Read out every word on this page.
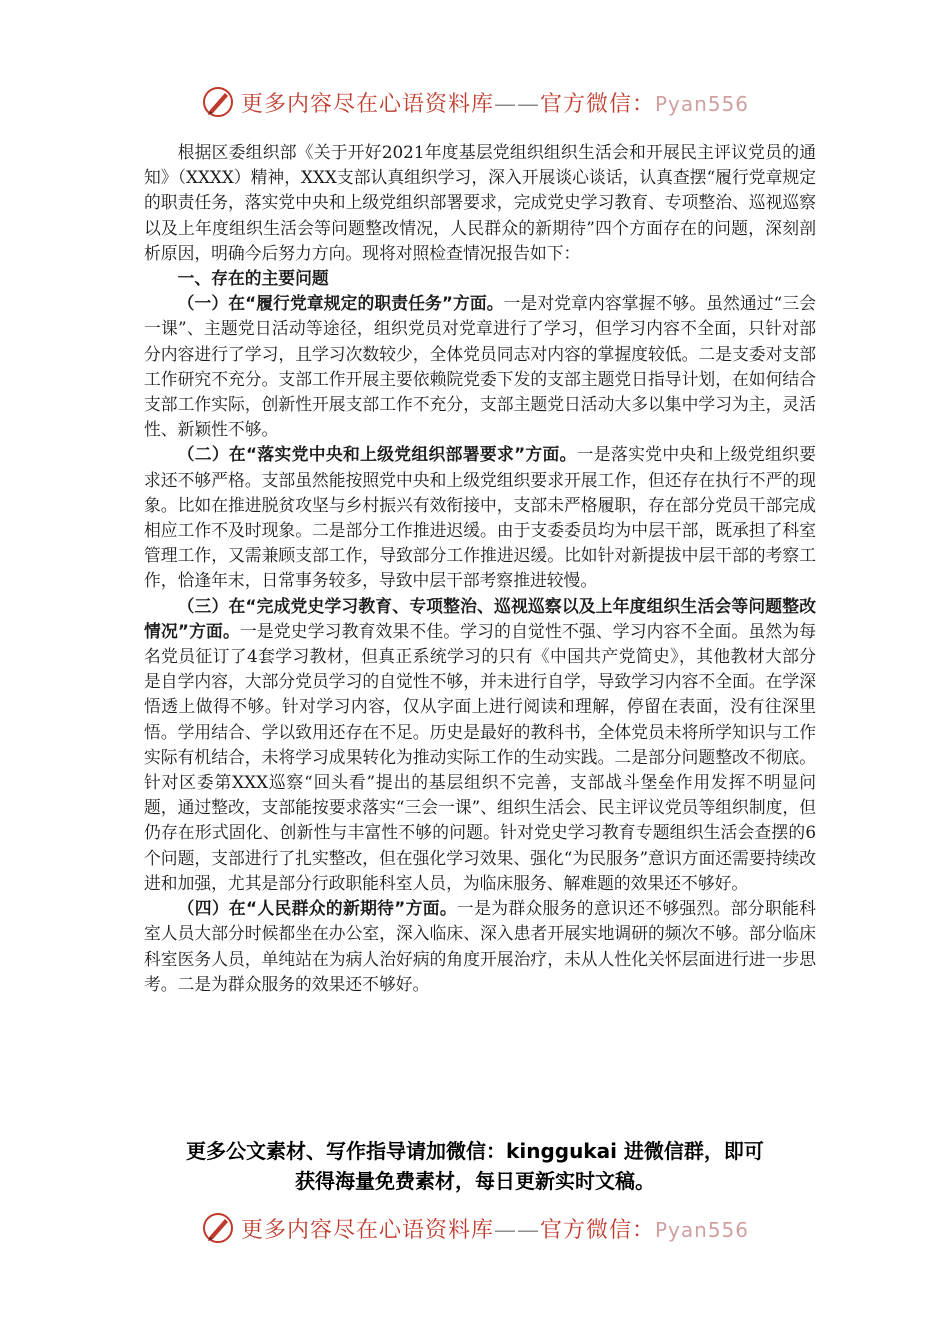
更多内容尽在心语资料库——官方微信：Pyan556

根据区委组织部《关于开好2021年度基层党组织组织生活会和开展民主评议党员的通知》（XXXX）精神，XXX支部认真组织学习，深入开展谈心谈话，认真查摆“履行党章规定的职责任务，落实党中央和上级党组织部署要求，完成党史学习教育、专项整治、巡视巡察以及上年度组织生活会等问题整改情况，人民群众的新期待”四个方面存在的问题，深刻剖析原因，明确今后努力方向。现将对照检查情况报告如下：

一、存在的主要问题

（一）在“履行党章规定的职责任务”方面。一是对党章内容掌握不够。虽然通过“三会一课”、主题党日活动等途径，组织党员对党章进行了学习，但学习内容不全面，只针对部分内容进行了学习，且学习次数较少，全体党员同志对内容的掌握度较低。二是支委对支部工作研究不充分。支部工作开展主要依赖院党委下发的支部主题党日指导计划，在如何结合支部工作实际，创新性开展支部工作不充分，支部主题党日活动大多以集中学习为主，灵活性、新颖性不够。

（二）在“落实党中央和上级党组织部署要求”方面。一是落实党中央和上级党组织要求还不够严格。支部虽然能按照党中央和上级党组织要求开展工作，但还存在执行不严的现象。比如在推进脱贫攻坚与乡村振兴有效衔接中，支部未严格履职，存在部分党员干部完成相应工作不及时现象。二是部分工作推进迟缓。由于支委委员均为中层干部，既承担了科室管理工作，又需兼顾支部工作，导致部分工作推进迟缓。比如针对新提拔中层干部的考察工作，恰逢年末，日常事务较多，导致中层干部考察推进较慢。

（三）在“完成党史学习教育、专项整治、巡视巡察以及上年度组织生活会等问题整改情况”方面。一是党史学习教育效果不佳。学习的自觉性不强、学习内容不全面。虽然为每名党员征订了4套学习教材，但真正系统学习的只有《中国共产党简史》，其他教材大部分是自学内容，大部分党员学习的自觉性不够，并未进行自学，导致学习内容不全面。在学深悟透上做得不够。针对学习内容，仅从字面上进行阅读和理解，停留在表面，没有往深里悟。学用结合、学以致用还存在不足。历史是最好的教科书，全体党员未将所学知识与工作实际有机结合，未将学习成果转化为推动实际工作的生动实践。二是部分问题整改不彻底。针对区委第XXX巡察“回头看”提出的基层组织不完善，支部战斗堡垒作用发挥不明显问题，通过整改，支部能按要求落实“三会一课”、组织生活会、民主评议党员等组织制度，但仍存在形式固化、创新性与丰富性不够的问题。针对党史学习教育专题组织生活会查摆的6个问题，支部进行了扎实整改，但在强化学习效果、强化“为民服务”意识方面还需要持续改进和加强，尤其是部分行政职能科室人员，为临床服务、解难题的效果还不够好。

（四）在“人民群众的新期待”方面。一是为群众服务的意识还不够强烈。部分职能科室人员大部分时候都坐在办公室，深入临床、深入患者开展实地调研的频次不够。部分临床科室医务人员，单纯站在为病人治好病的角度开展治疗，未从人性化关怀层面进行进一步思考。二是为群众服务的效果还不够好。

更多公文素材、写作指导请加微信：kinggukai 进微信群，即可
获得海量免费素材，每日更新实时文稿。
更多内容尽在心语资料库——官方微信：Pyan556
